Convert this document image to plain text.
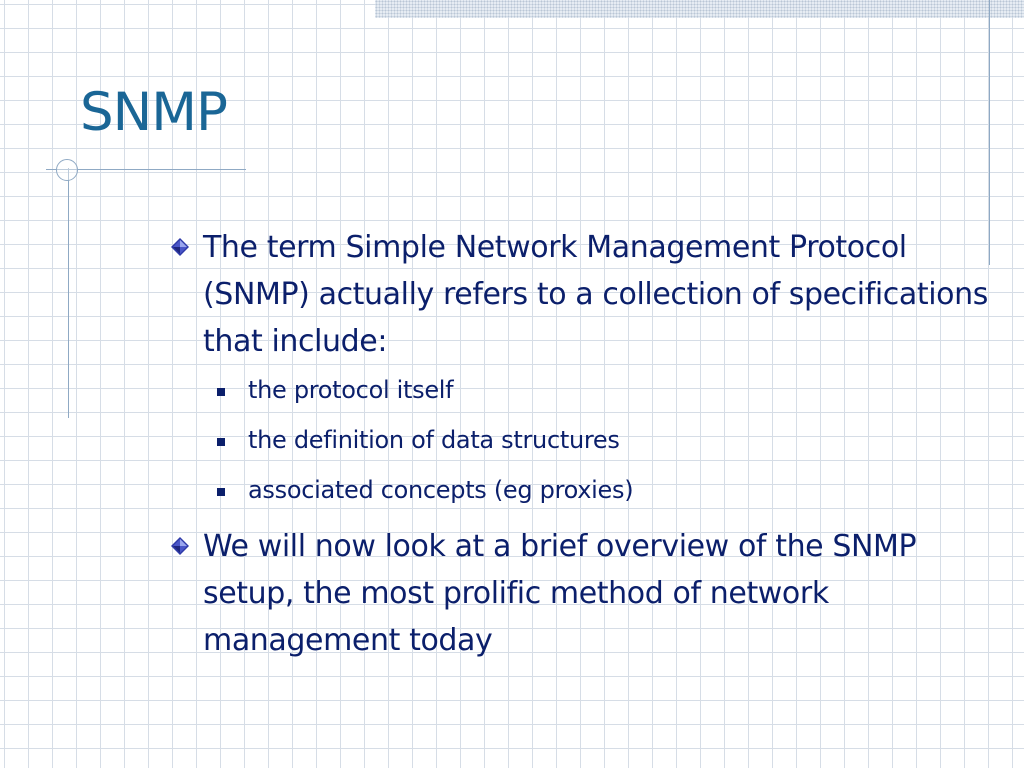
SNMP
The term Simple Network Management Protocol (SNMP) actually refers to a collection of specifications that include:
the protocol itself
the definition of data structures
associated concepts (eg proxies)
We will now look at a brief overview of the SNMP setup, the most prolific method of network management today
